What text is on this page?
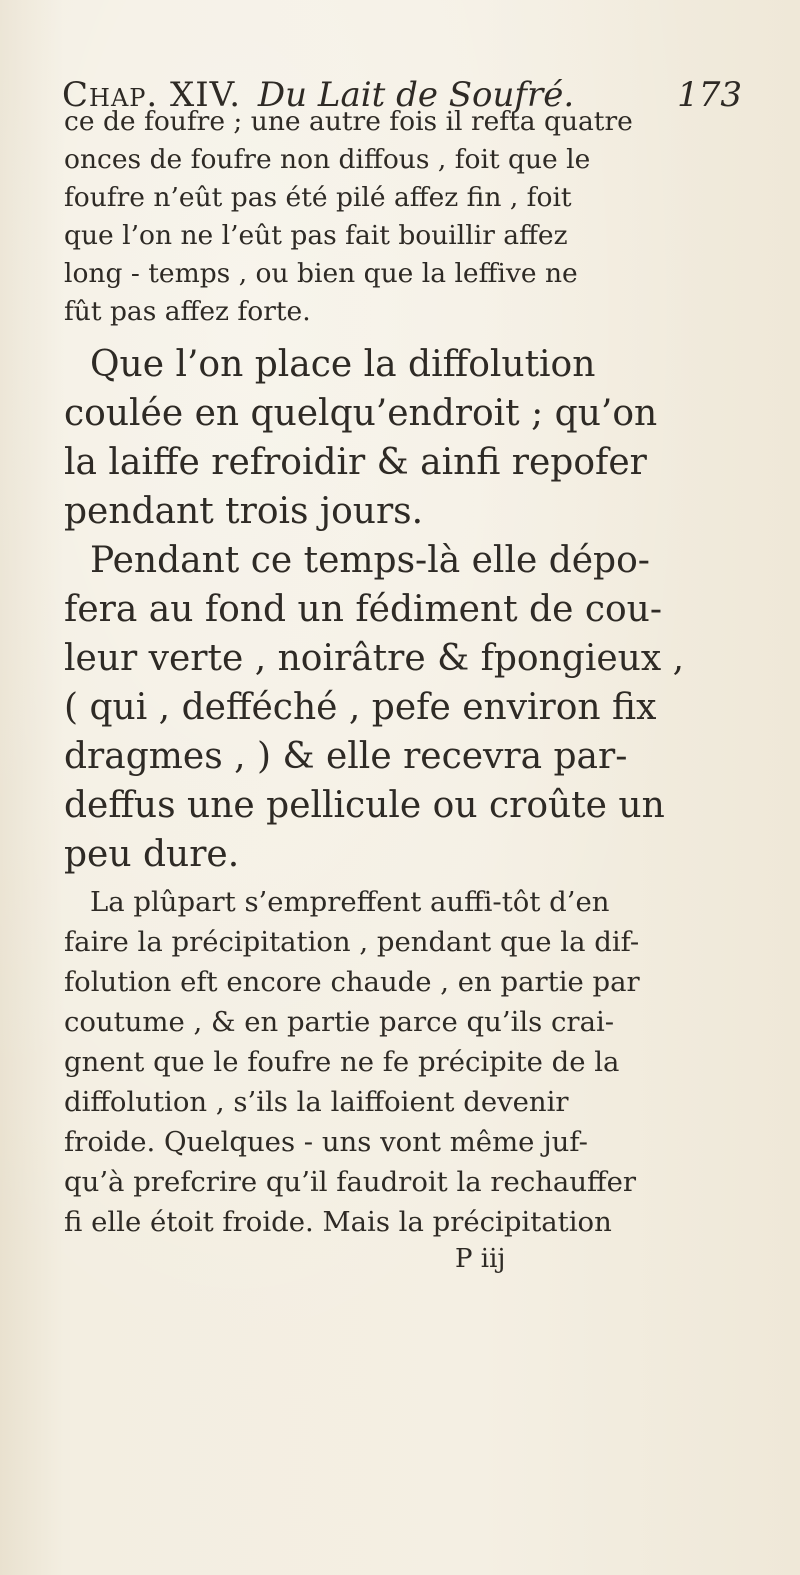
Chap. XIV. Du Lait de Soufré.	173
ce de foufre ; une autre fois il refta quatre
onces de foufre non diffous , foit que le
foufre n’eût pas été pilé affez fin , foit
que l’on ne l’eût pas fait bouillir affez
long - temps , ou bien que la leffive ne
fût pas affez forte.
Que l’on place la diffolution
coulée en quelqu’endroit ; qu’on
la laiffe refroidir & ainfi repofer
pendant trois jours.
Pendant ce temps-là elle dépo-
fera au fond un fédiment de cou-
leur verte , noirâtre & fpongieux ,
( qui , defféché , pefe environ fix
dragmes , ) & elle recevra par-
deffus une pellicule ou croûte un
peu dure.
La plûpart s’empreffent auffi-tôt d’en
faire la précipitation , pendant que la dif-
folution eft encore chaude , en partie par
coutume , & en partie parce qu’ils crai-
gnent que le foufre ne fe précipite de la
diffolution , s’ils la laiffoient devenir
froide. Quelques - uns vont même juf-
qu’à prefcrire qu’il faudroit la rechauffer
fi elle étoit froide. Mais la précipitation
P iij
